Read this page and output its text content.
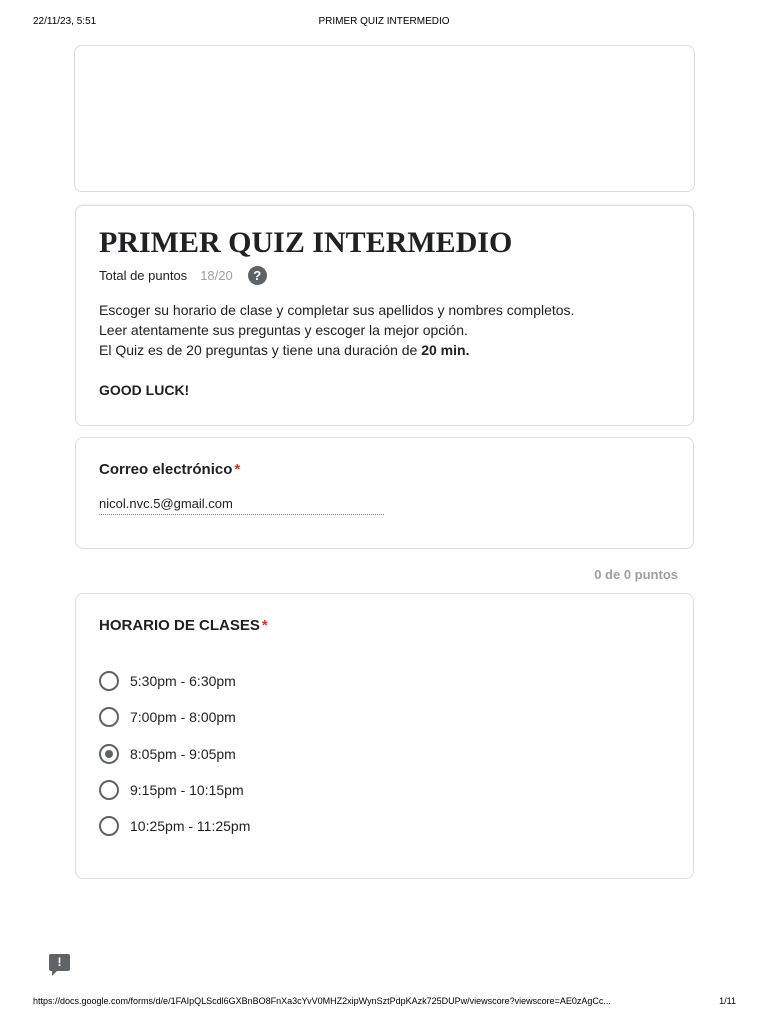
22/11/23, 5:51	PRIMER QUIZ INTERMEDIO
PRIMER QUIZ INTERMEDIO
Total de puntos 18/20	?

Escoger su horario de clase y completar sus apellidos y nombres completos.

Leer atentamente sus preguntas y escoger la mejor opción.

El Quiz es de 20 preguntas y tiene una duración de 20 min.

GOOD LUCK!

Correo electrónico *
nicol.nvc.5@gmail.com
0 de 0 puntos
HORARIO DE CLASES *
5:30pm - 6:30pm
7:00pm - 8:00pm
8:05pm - 9:05pm
9:15pm - 10:15pm
10:25pm - 11:25pm
!
https://docs.google.com/forms/d/e/1FAIpQLScdl6GXBnBO8FnXa3cYvV0MHZ2xipWynSztPdpKAzk725DUPw/viewscore?viewscore=AE0zAgCc...	1/11
